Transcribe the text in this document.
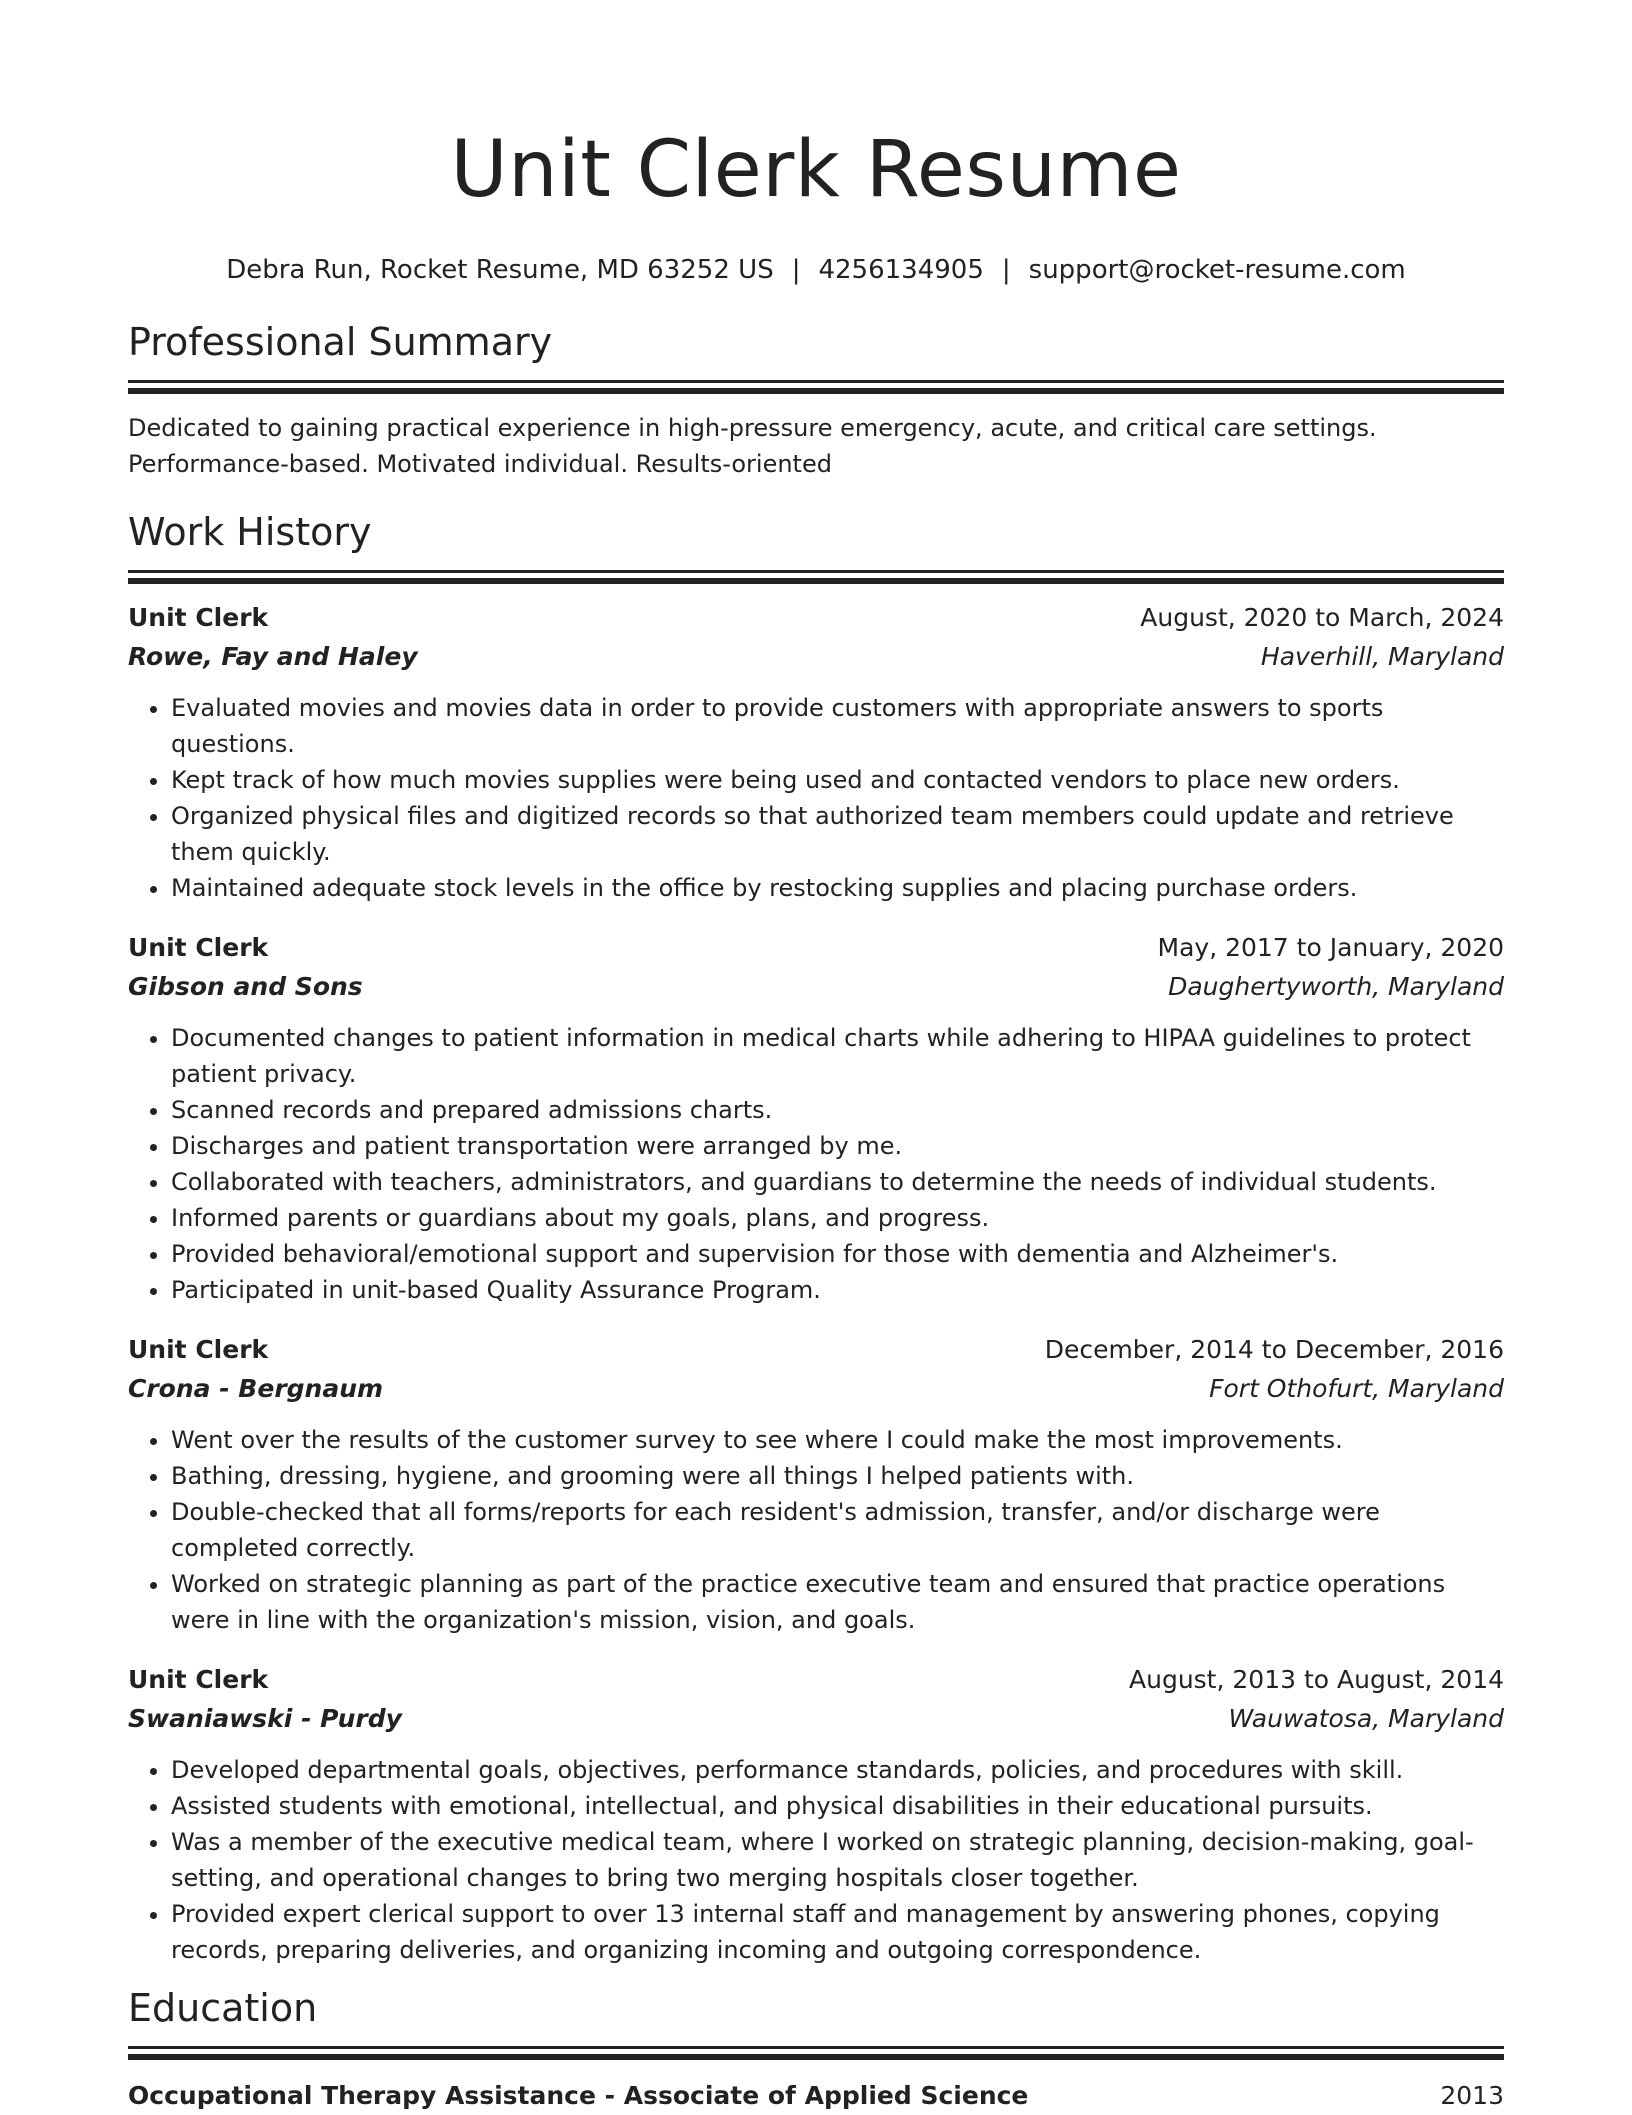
Unit Clerk Resume
Debra Run, Rocket Resume, MD 63252 US | 4256134905 | support@rocket-resume.com
Professional Summary
Dedicated to gaining practical experience in high-pressure emergency, acute, and critical care settings. Performance-based. Motivated individual. Results-oriented
Work History
Unit Clerk	August, 2020 to March, 2024
Rowe, Fay and Haley	Haverhill, Maryland
• Evaluated movies and movies data in order to provide customers with appropriate answers to sports questions.
• Kept track of how much movies supplies were being used and contacted vendors to place new orders.
• Organized physical files and digitized records so that authorized team members could update and retrieve them quickly.
• Maintained adequate stock levels in the office by restocking supplies and placing purchase orders.
Unit Clerk	May, 2017 to January, 2020
Gibson and Sons	Daughertyworth, Maryland
• Documented changes to patient information in medical charts while adhering to HIPAA guidelines to protect patient privacy.
• Scanned records and prepared admissions charts.
• Discharges and patient transportation were arranged by me.
• Collaborated with teachers, administrators, and guardians to determine the needs of individual students.
• Informed parents or guardians about my goals, plans, and progress.
• Provided behavioral/emotional support and supervision for those with dementia and Alzheimer's.
• Participated in unit-based Quality Assurance Program.
Unit Clerk	December, 2014 to December, 2016
Crona - Bergnaum	Fort Othofurt, Maryland
• Went over the results of the customer survey to see where I could make the most improvements.
• Bathing, dressing, hygiene, and grooming were all things I helped patients with.
• Double-checked that all forms/reports for each resident's admission, transfer, and/or discharge were completed correctly.
• Worked on strategic planning as part of the practice executive team and ensured that practice operations were in line with the organization's mission, vision, and goals.
Unit Clerk	August, 2013 to August, 2014
Swaniawski - Purdy	Wauwatosa, Maryland
• Developed departmental goals, objectives, performance standards, policies, and procedures with skill.
• Assisted students with emotional, intellectual, and physical disabilities in their educational pursuits.
• Was a member of the executive medical team, where I worked on strategic planning, decision-making, goal-setting, and operational changes to bring two merging hospitals closer together.
• Provided expert clerical support to over 13 internal staff and management by answering phones, copying records, preparing deliveries, and organizing incoming and outgoing correspondence.
Education
Occupational Therapy Assistance - Associate of Applied Science	2013
